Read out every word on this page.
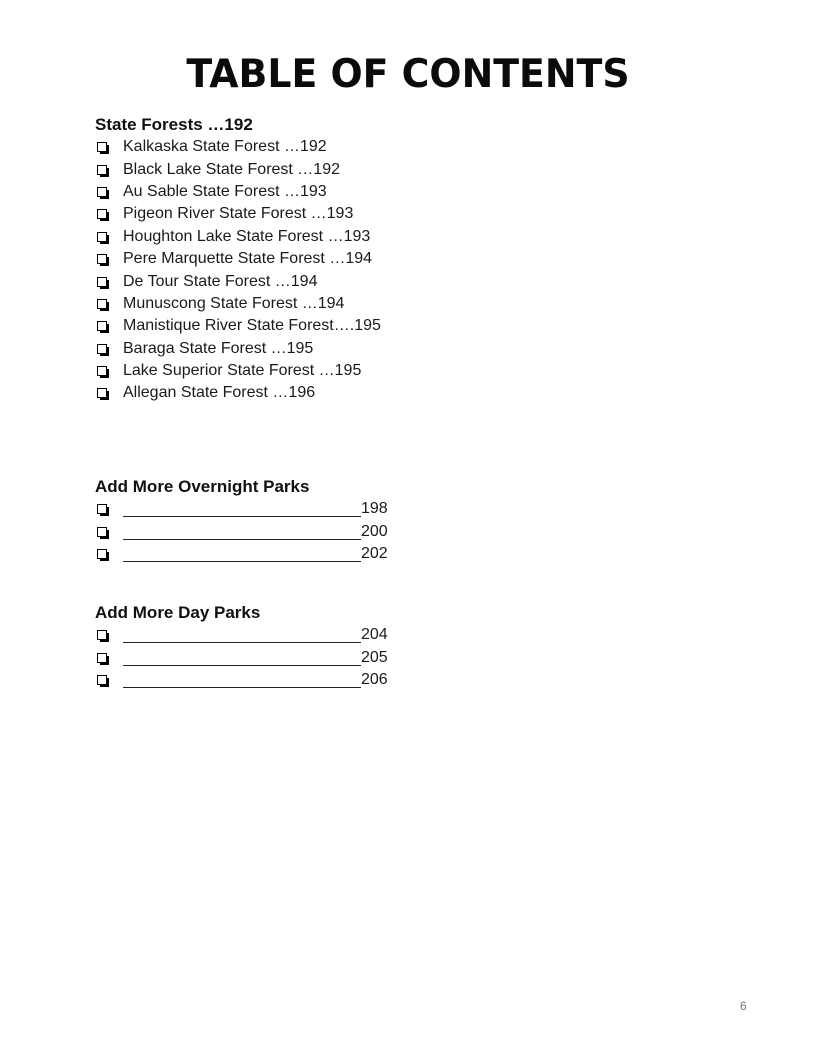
TABLE OF CONTENTS
State Forests …192
Kalkaska State Forest …192
Black Lake State Forest …192
Au Sable State Forest …193
Pigeon River State Forest …193
Houghton Lake State Forest …193
Pere Marquette State Forest …194
De Tour State Forest …194
Munuscong State Forest …194
Manistique River State Forest….195
Baraga State Forest …195
Lake Superior State Forest …195
Allegan State Forest …196
Add More Overnight Parks
198
200
202
Add More Day Parks
204
205
206
6
